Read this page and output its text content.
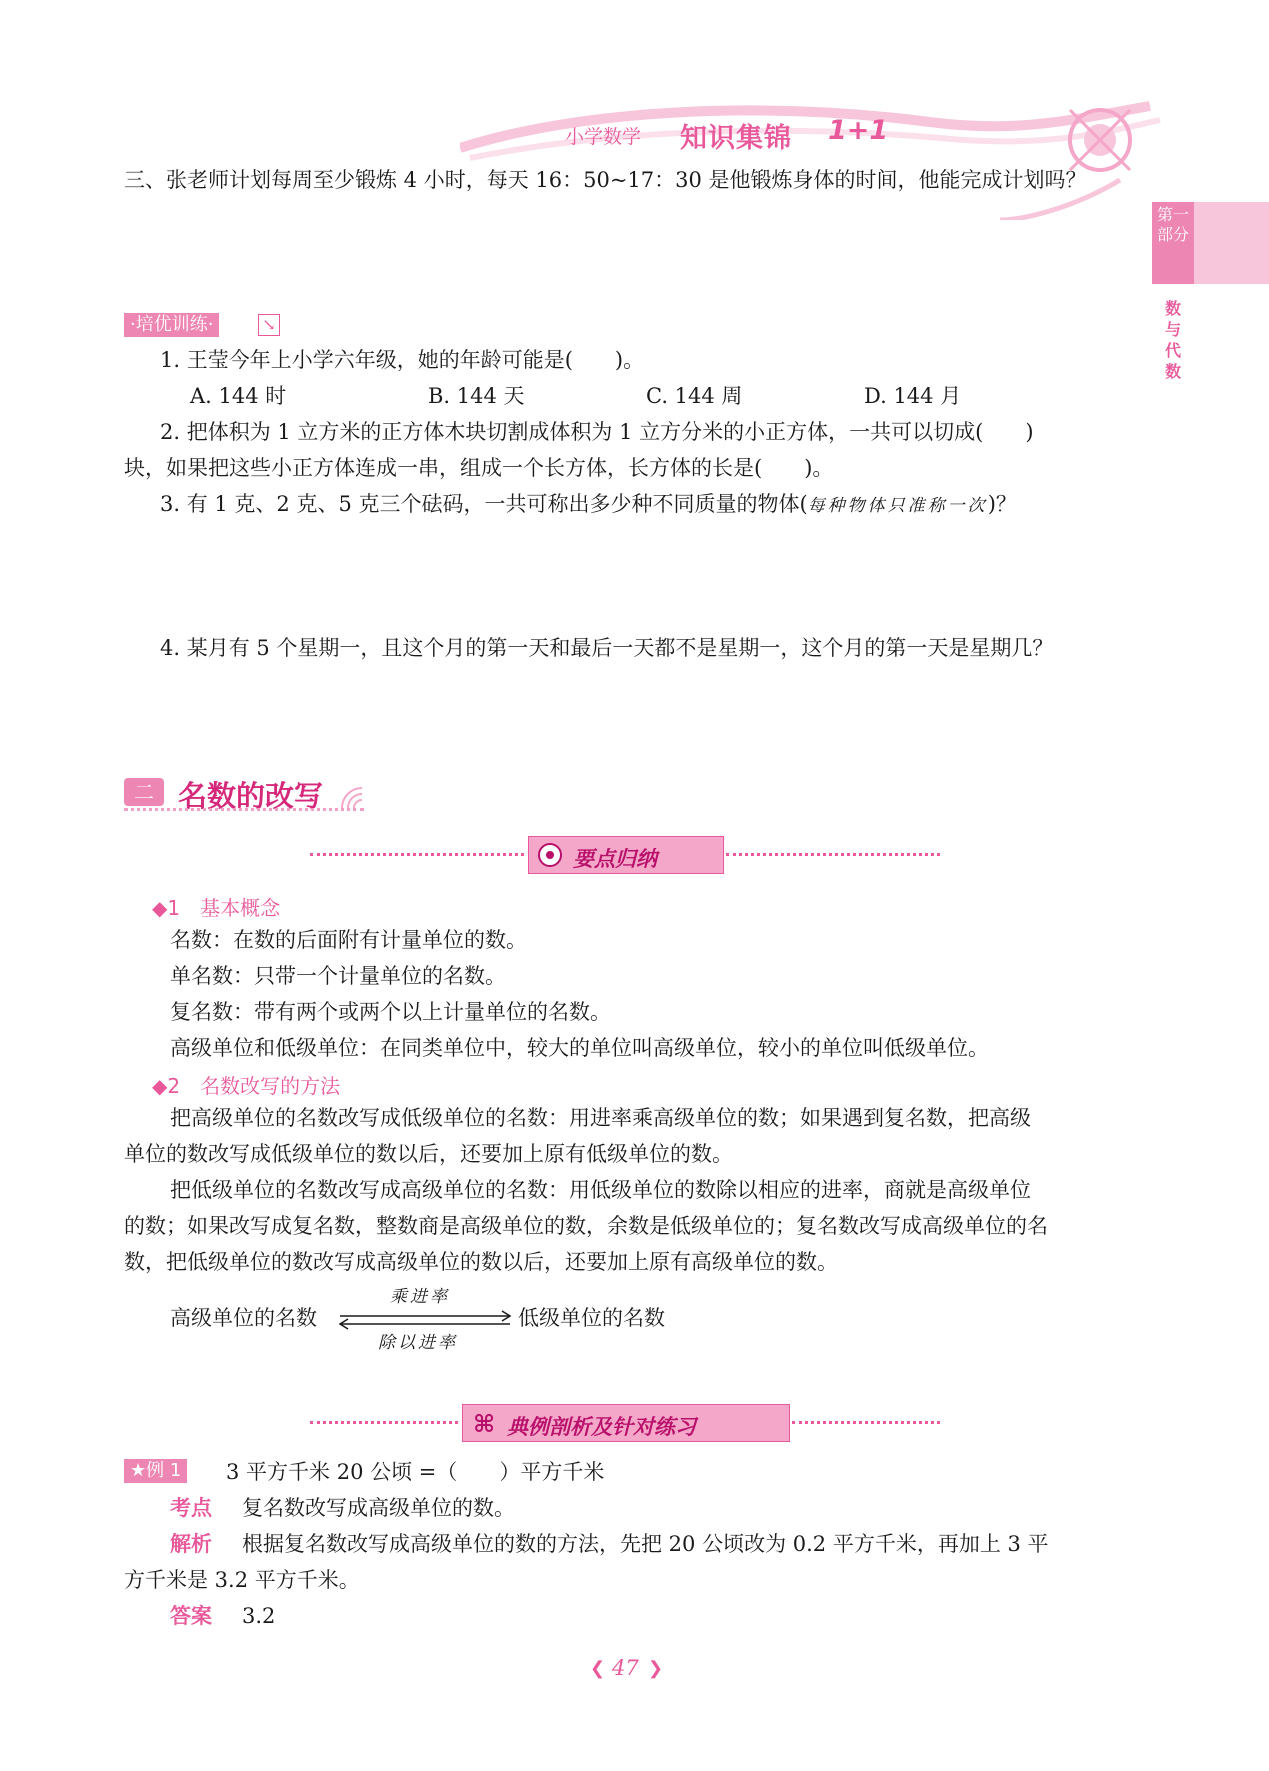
小学数学 知识集锦 1+1
第一部分
数与代数
三、张老师计划每周至少锻炼 4 小时，每天 16：50~17：30 是他锻炼身体的时间，他能完成计划吗？
·培优训练·	↘
1. 王莹今年上小学六年级，她的年龄可能是(　　)。
A. 144 时	B. 144 天	C. 144 周	D. 144 月
2. 把体积为 1 立方米的正方体木块切割成体积为 1 立方分米的小正方体，一共可以切成(　　)
块，如果把这些小正方体连成一串，组成一个长方体，长方体的长是(　　)。
3. 有 1 克、2 克、5 克三个砝码，一共可称出多少种不同质量的物体(每种物体只准称一次)？
4. 某月有 5 个星期一，且这个月的第一天和最后一天都不是星期一，这个月的第一天是星期几？
二 名数的改写
要点归纳
◆1　基本概念
名数：在数的后面附有计量单位的数。
单名数：只带一个计量单位的名数。
复名数：带有两个或两个以上计量单位的名数。
高级单位和低级单位：在同类单位中，较大的单位叫高级单位，较小的单位叫低级单位。
◆2　名数改写的方法
把高级单位的名数改写成低级单位的名数：用进率乘高级单位的数；如果遇到复名数，把高级
单位的数改写成低级单位的数以后，还要加上原有低级单位的数。
把低级单位的名数改写成高级单位的名数：用低级单位的数除以相应的进率，商就是高级单位
的数；如果改写成复名数，整数商是高级单位的数，余数是低级单位的；复名数改写成高级单位的名
数，把低级单位的数改写成高级单位的数以后，还要加上原有高级单位的数。
高级单位的名数
乘进率
除以进率
低级单位的名数
⌘ 典例剖析及针对练习
★例 1 3 平方千米 20 公顷 =（　　）平方千米
考点 复名数改写成高级单位的数。
解析 根据复名数改写成高级单位的数的方法，先把 20 公顷改为 0.2 平方千米，再加上 3 平
方千米是 3.2 平方千米。
答案 3.2
❮ 47 ❯
